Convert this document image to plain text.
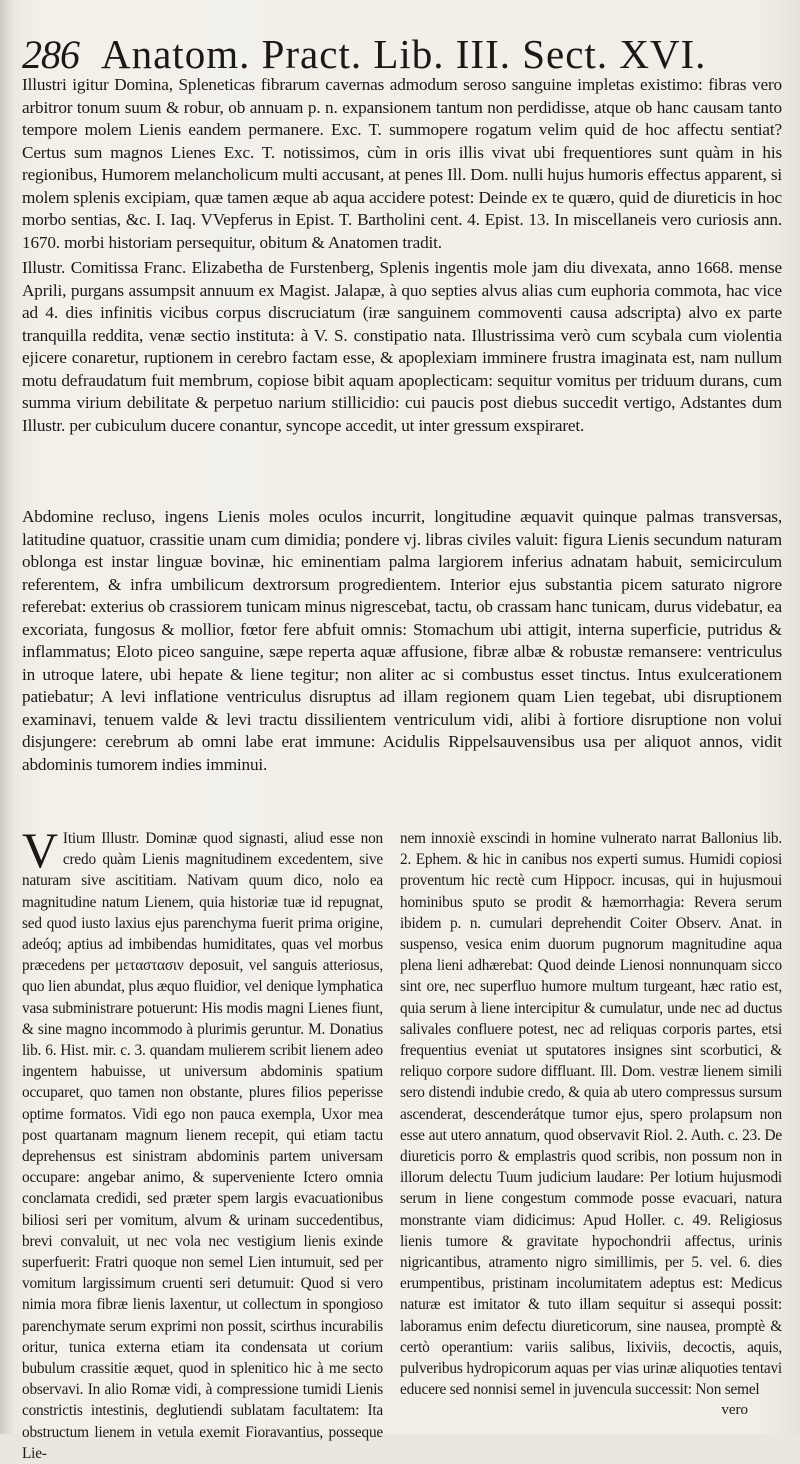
286 Anatom. Pract. Lib. III. Sect. XVI.

Illustri igitur Domina, Spleneticas fibrarum cavernas admodum seroso sanguine impletas existimo: fibras vero arbitror tonum suum & robur, ob annuam p. n. expansionem tantum non perdidisse, atque ob hanc causam tanto tempore molem Lienis eandem permanere. Exc. T. summopere rogatum velim quid de hoc affectu sentiat? Certus sum magnos Lienes Exc. T. notissimos, cùm in oris illis vivat ubi frequentiores sunt quàm in his regionibus, Humorem melancholicum multi accusant, at penes Ill. Dom. nulli hujus humoris effectus apparent, si molem splenis excipiam, quæ tamen æque ab aqua accidere potest: Deinde ex te quæro, quid de diureticis in hoc morbo sentias, &c. I. Iaq. VVepferus in Epist. T. Bartholini cent. 4. Epist. 13. In miscellaneis vero curiosis ann. 1670. morbi historiam persequitur, obitum & Anatomen tradit.

Illustr. Comitissa Franc. Elizabetha de Furstenberg, Splenis ingentis mole jam diu divexata, anno 1668. mense Aprili, purgans assumpsit annuum ex Magist. Jalapæ, à quo septies alvus alias cum euphoria commota, hac vice ad 4. dies infinitis vicibus corpus discruciatum (iræ sanguinem commoventi causa adscripta) alvo ex parte tranquilla reddita, venæ sectio instituta: à V. S. constipatio nata. Illustrissima verò cum scybala cum violentia ejicere conaretur, ruptionem in cerebro factam esse, & apoplexiam imminere frustra imaginata est, nam nullum motu defraudatum fuit membrum, copiose bibit aquam apoplecticam: sequitur vomitus per triduum durans, cum summa virium debilitate & perpetuo narium stillicidio: cui paucis post diebus succedit vertigo, Adstantes dum Illustr. per cubiculum ducere conantur, syncope accedit, ut inter gressum exspiraret.

Abdomine recluso, ingens Lienis moles oculos incurrit, longitudine æquavit quinque palmas transversas, latitudine quatuor, crassitie unam cum dimidia; pondere vj. libras civiles valuit: figura Lienis secundum naturam oblonga est instar linguæ bovinæ, hic eminentiam palma largiorem inferius adnatam habuit, semicirculum referentem, & infra umbilicum dextrorsum progredientem. Interior ejus substantia picem saturato nigrore referebat: exterius ob crassiorem tunicam minus nigrescebat, tactu, ob crassam hanc tunicam, durus videbatur, ea excoriata, fungosus & mollior, fœtor fere abfuit omnis: Stomachum ubi attigit, interna superficie, putridus & inflammatus; Eloto piceo sanguine, sæpe reperta aquæ affusione, fibræ albæ & robustæ remansere: ventriculus in utroque latere, ubi hepate & liene tegitur; non aliter ac si combustus esset tinctus. Intus exulcerationem patiebatur; A levi inflatione ventriculus disruptus ad illam regionem quam Lien tegebat, ubi disruptionem examinavi, tenuem valde & levi tractu dissilientem ventriculum vidi, alibi à fortiore disruptione non volui disjungere: cerebrum ab omni labe erat immune: Acidulis Rippelsauvensibus usa per aliquot annos, vidit abdominis tumorem indies imminui.

V Itium Illustr. Dominæ quod signasti, aliud esse non credo quàm Lienis magnitudinem excedentem, sive naturam sive ascititiam. Nativam quum dico, nolo ea magnitudine natum Lienem, quia historiæ tuæ id repugnat, sed quod iusto laxius ejus parenchyma fuerit prima origine, adeóq; aptius ad imbibendas humiditates, quas vel morbus præcedens per μεταστασιν deposuit, vel sanguis atteriosus, quo lien abundat, plus æquo fluidior, vel denique lymphatica vasa subministrare potuerunt: His modis magni Lienes fiunt, & sine magno incommodo à plurimis geruntur. M. Donatius lib. 6. Hist. mir. c. 3. quandam mulierem scribit lienem adeo ingentem habuisse, ut universum abdominis spatium occuparet, quo tamen non obstante, plures filios peperisse optime formatos. Vidi ego non pauca exempla, Uxor mea post quartanam magnum lienem recepit, qui etiam tactu deprehensus est sinistram abdominis partem universam occupare: angebar animo, & superveniente Ictero omnia conclamata credidi, sed præter spem largis evacuationibus biliosi seri per vomitum, alvum & urinam succedentibus, brevi convaluit, ut nec vola nec vestigium lienis exinde superfuerit: Fratri quoque non semel Lien intumuit, sed per vomitum largissimum cruenti seri detumuit: Quod si vero nimia mora fibræ lienis laxentur, ut collectum in spongioso parenchymate serum exprimi non possit, scirthus incurabilis oritur, tunica externa etiam ita condensata ut corium bubulum crassitie æquet, quod in splenitico hic à me secto observavi. In alio Romæ vidi, à compressione tumidi Lienis constrictis intestinis, deglutiendi sublatam facultatem: Ita obstructum lienem in vetula exemit Fioravantius, posseque Lie-
nem innoxiè exscindi in homine vulnerato narrat Ballonius lib. 2. Ephem. & hic in canibus nos experti sumus. Humidi copiosi proventum hic rectè cum Hippocr. incusas, qui in hujusmoui hominibus sputo se prodit & hæmorrhagia: Revera serum ibidem p. n. cumulari deprehendit Coiter Observ. Anat. in suspenso, vesica enim duorum pugnorum magnitudine aqua plena lieni adhærebat: Quod deinde Lienosi nonnunquam sicco sint ore, nec superfluo humore multum turgeant, hæc ratio est, quia serum à liene intercipitur & cumulatur, unde nec ad ductus salivales confluere potest, nec ad reliquas corporis partes, etsi frequentius eveniat ut sputatores insignes sint scorbutici, & reliquo corpore sudore diffluant. Ill. Dom. vestræ lienem simili sero distendi indubie credo, & quia ab utero compressus sursum ascenderat, descenderátque tumor ejus, spero prolapsum non esse aut utero annatum, quod observavit Riol. 2. Auth. c. 23. De diureticis porro & emplastris quod scribis, non possum non in illorum delectu Tuum judicium laudare: Per lotium hujusmodi serum in liene congestum commode posse evacuari, natura monstrante viam didicimus: Apud Holler. c. 49. Religiosus lienis tumore & gravitate hypochondrii affectus, urinis nigricantibus, atramento nigro simillimis, per 5. vel. 6. dies erumpentibus, pristinam incolumitatem adeptus est: Medicus naturæ est imitator & tuto illam sequitur si assequi possit: laboramus enim defectu diureticorum, sine nausea, promptè & certò operantium: variis salibus, lixiviis, decoctis, aquis, pulveribus hydropicorum aquas per vias urinæ aliquoties tentavi educere sed nonnisi semel in juvencula successit: Non semel
vero
